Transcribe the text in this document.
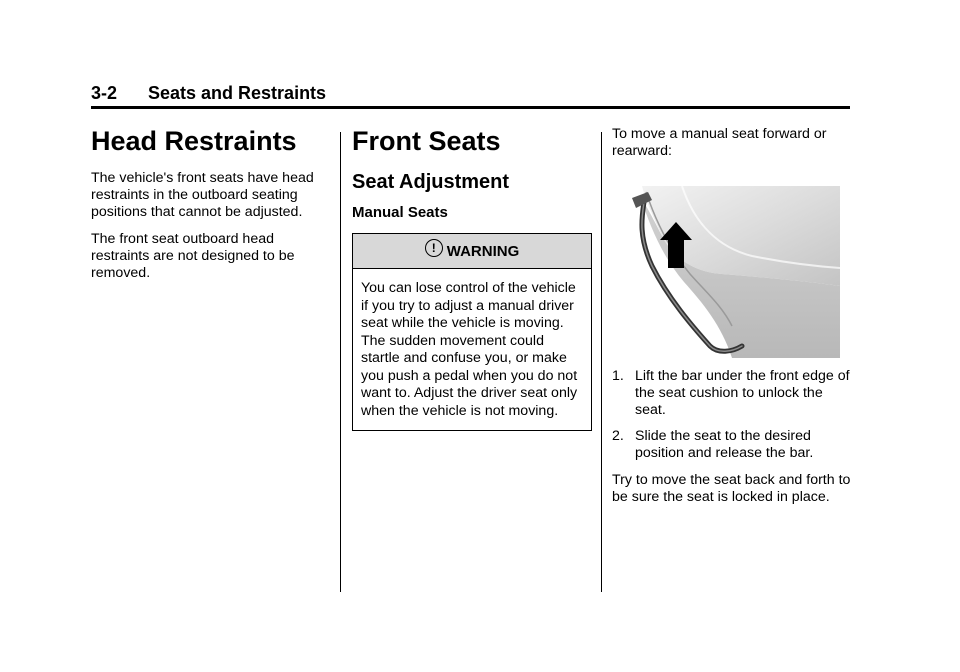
3-2 Seats and Restraints
Head Restraints

The vehicle's front seats have head restraints in the outboard seating positions that cannot be adjusted.

The front seat outboard head restraints are not designed to be removed.

Front Seats
Seat Adjustment
Manual Seats
! WARNING

You can lose control of the vehicle if you try to adjust a manual driver seat while the vehicle is moving. The sudden movement could startle and confuse you, or make you push a pedal when you do not want to. Adjust the driver seat only when the vehicle is not moving.

To move a manual seat forward or rearward:

1. Lift the bar under the front edge of the seat cushion to unlock the seat.
2. Slide the seat to the desired position and release the bar.

Try to move the seat back and forth to be sure the seat is locked in place.
